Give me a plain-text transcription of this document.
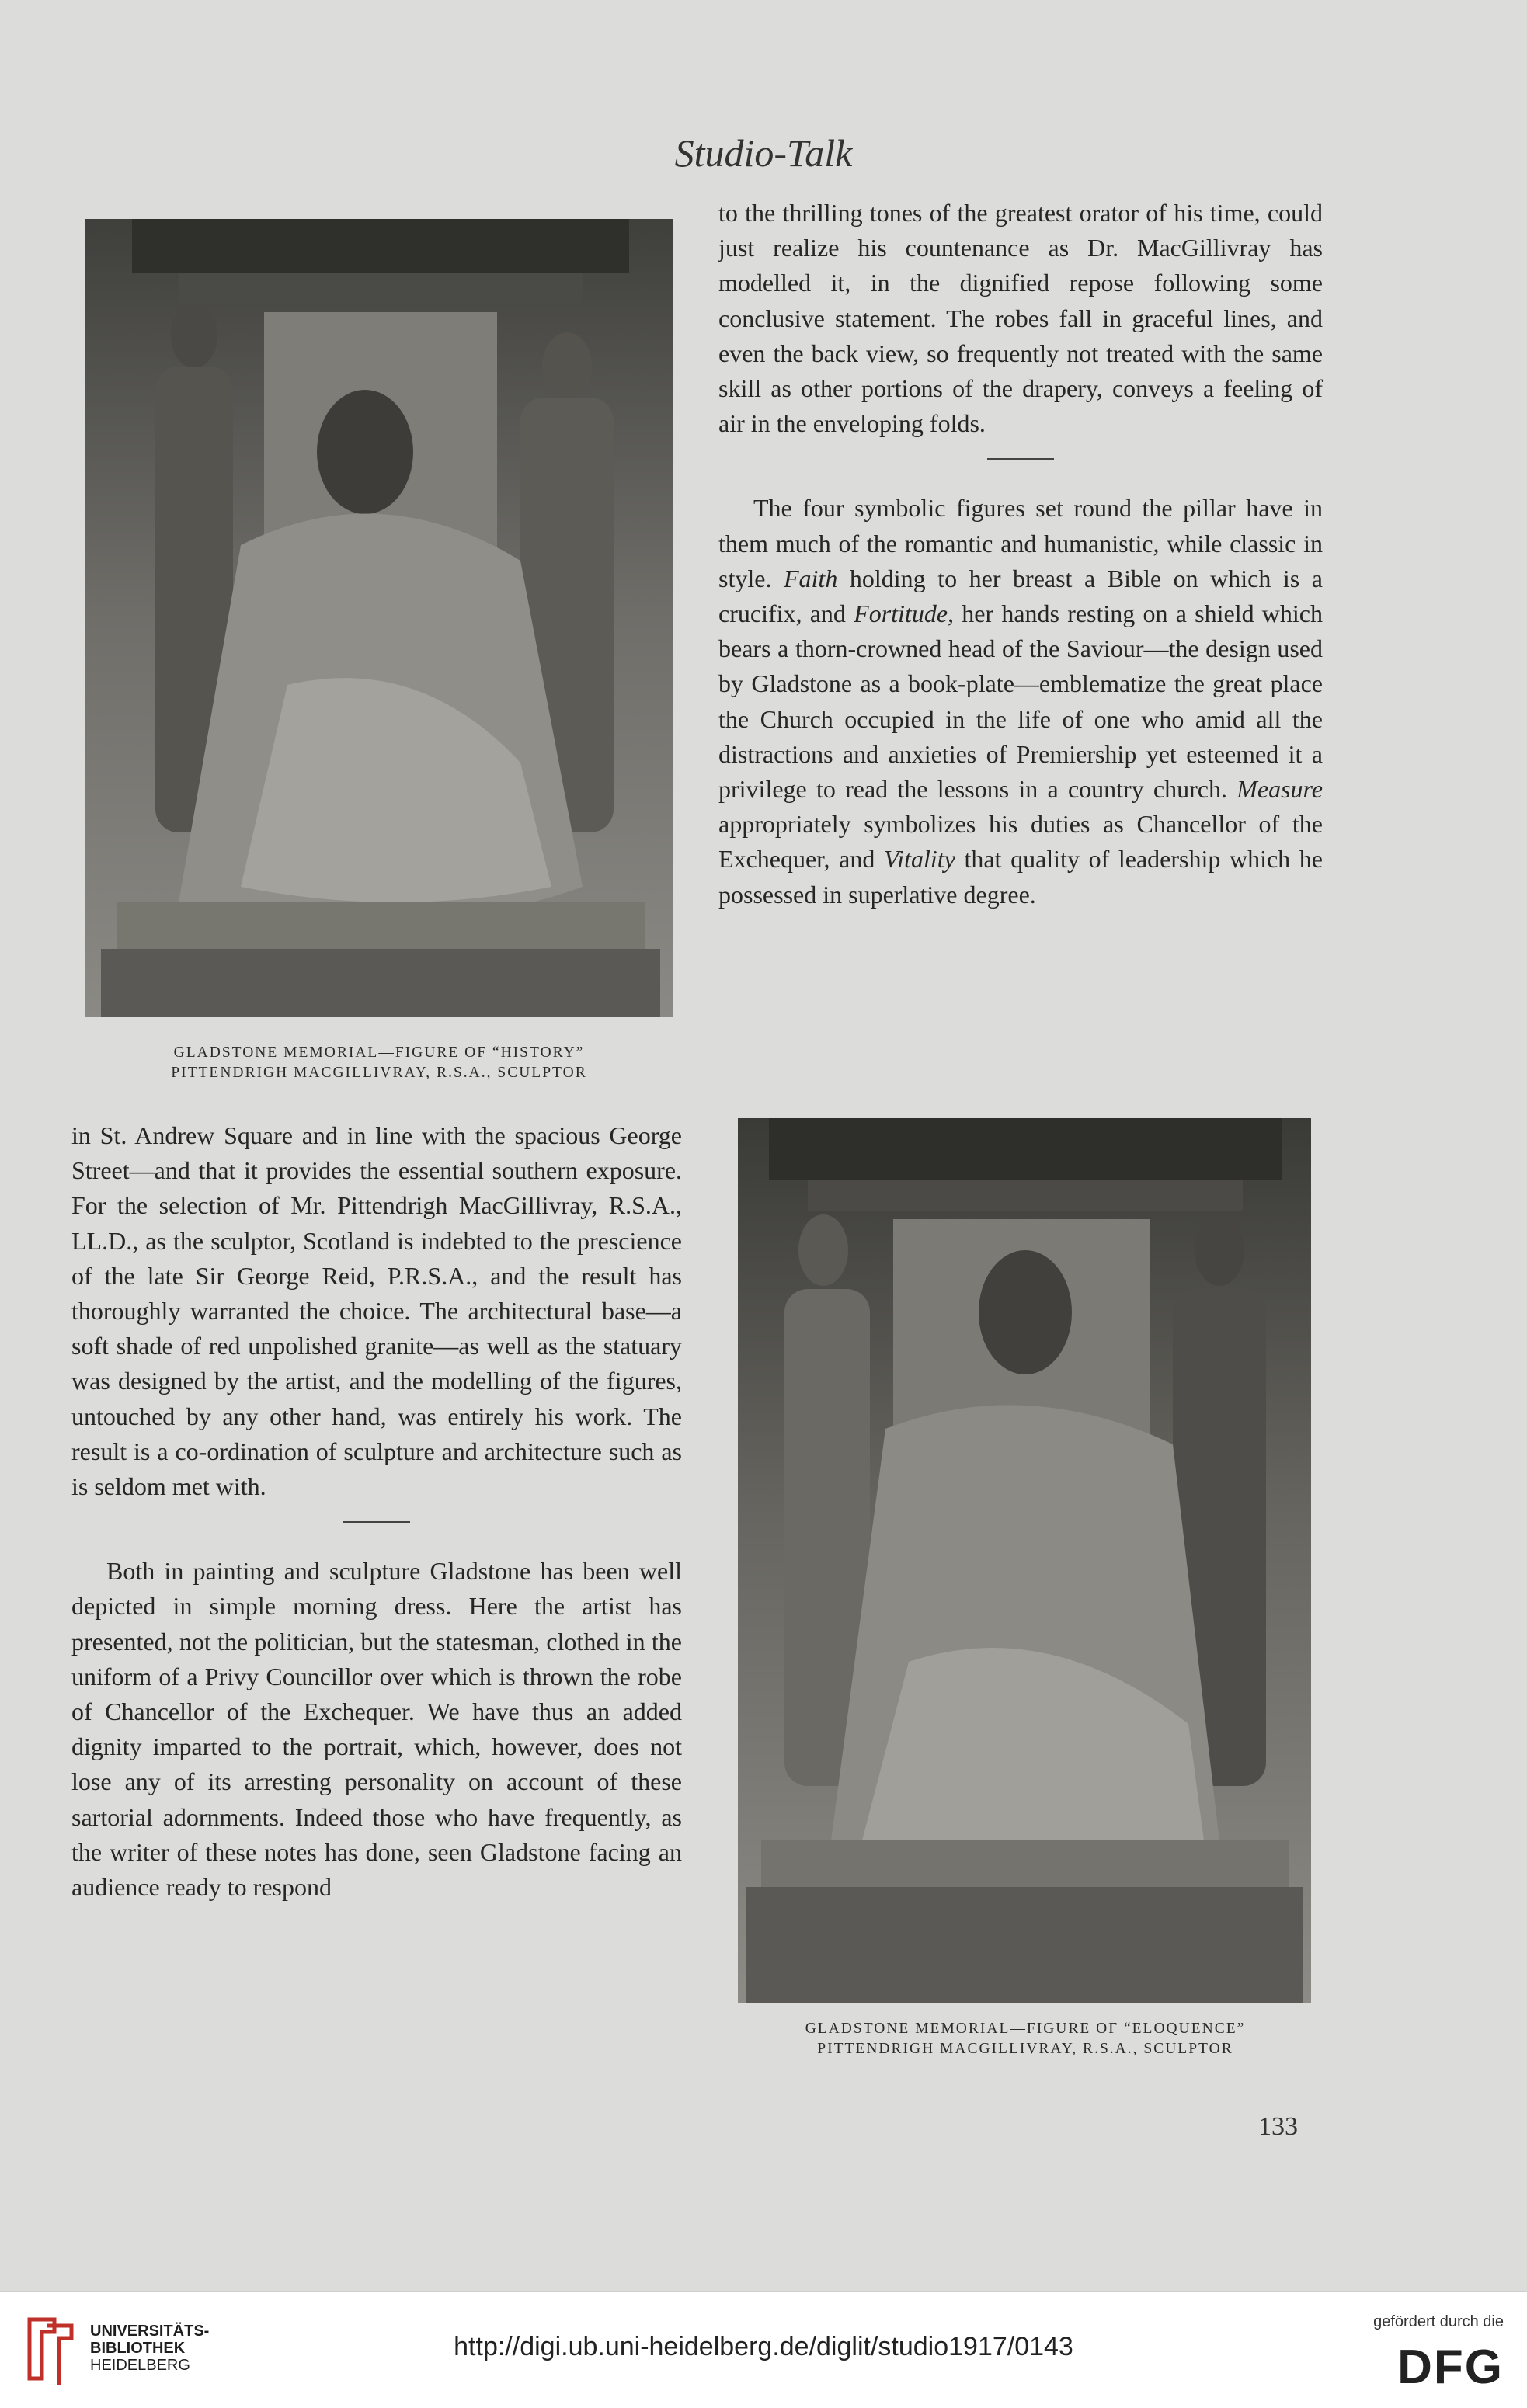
Studio-Talk
GLADSTONE MEMORIAL—FIGURE OF “HISTORY”
PITTENDRIGH MACGILLIVRAY, R.S.A., SCULPTOR

to the thrilling tones of the greatest orator of his time, could just realize his countenance as Dr. MacGillivray has modelled it, in the dignified repose following some conclusive statement. The robes fall in graceful lines, and even the back view, so frequently not treated with the same skill as other portions of the drapery, conveys a feeling of air in the enveloping folds.

The four symbolic figures set round the pillar have in them much of the romantic and humanistic, while classic in style. Faith holding to her breast a Bible on which is a crucifix, and Fortitude, her hands resting on a shield which bears a thorn-crowned head of the Saviour—the design used by Gladstone as a book-plate—emblematize the great place the Church occupied in the life of one who amid all the distractions and anxieties of Premiership yet esteemed it a privilege to read the lessons in a country church. Measure appropriately symbolizes his duties as Chancellor of the Exchequer, and Vitality that quality of leadership which he possessed in superlative degree.

in St. Andrew Square and in line with the spacious George Street—and that it provides the essential southern exposure. For the selection of Mr. Pittendrigh MacGillivray, R.S.A., LL.D., as the sculptor, Scotland is indebted to the prescience of the late Sir George Reid, P.R.S.A., and the result has thoroughly warranted the choice. The architectural base—a soft shade of red unpolished granite—as well as the statuary was designed by the artist, and the modelling of the figures, untouched by any other hand, was entirely his work. The result is a co-ordination of sculpture and architecture such as is seldom met with.

Both in painting and sculpture Gladstone has been well depicted in simple morning dress. Here the artist has presented, not the politician, but the statesman, clothed in the uniform of a Privy Councillor over which is thrown the robe of Chancellor of the Exchequer. We have thus an added dignity imparted to the portrait, which, however, does not lose any of its arresting personality on account of these sartorial adornments. Indeed those who have frequently, as the writer of these notes has done, seen Gladstone facing an audience ready to respond

GLADSTONE MEMORIAL—FIGURE OF “ELOQUENCE”
PITTENDRIGH MACGILLIVRAY, R.S.A., SCULPTOR
133
UNIVERSITÄTS-
BIBLIOTHEK
HEIDELBERG
http://digi.ub.uni-heidelberg.de/diglit/studio1917/0143
gefördert durch die
DFG
